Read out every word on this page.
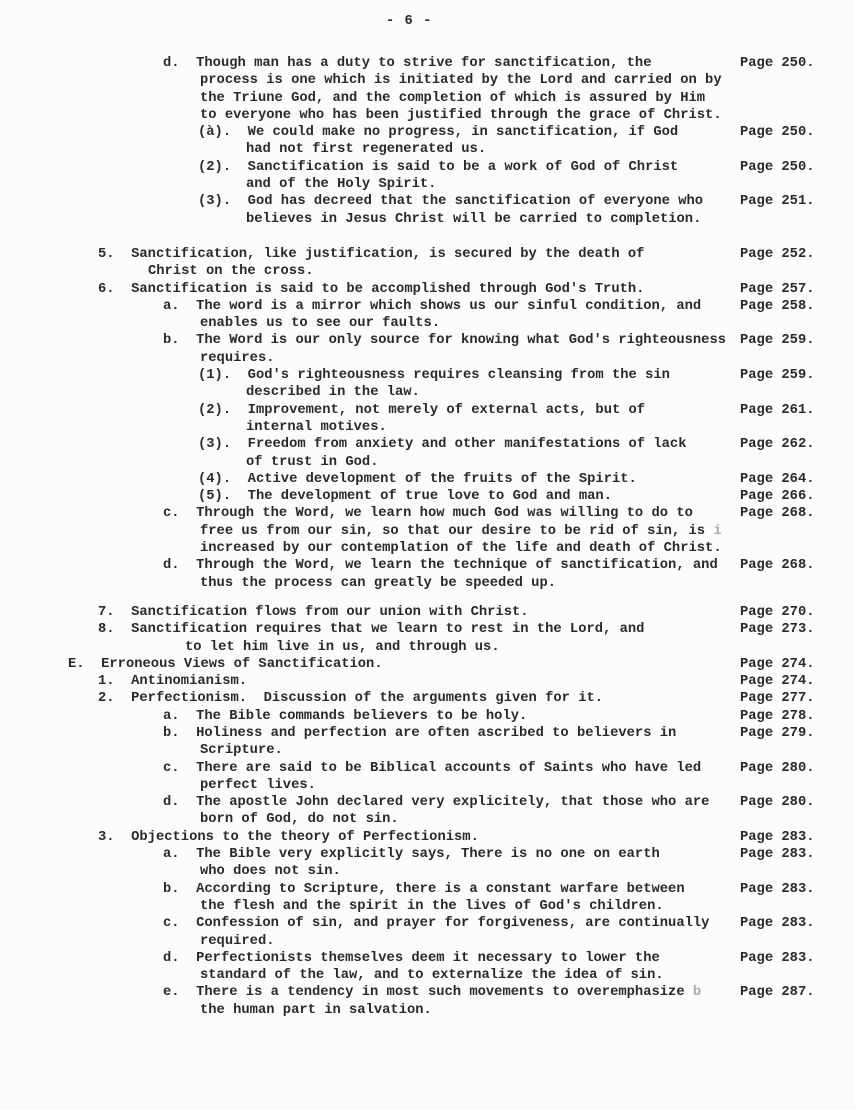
- 6 -
d.  Though man has a duty to strive for sanctification, the	Page 250.
process is one which is initiated by the Lord and carried on by
the Triune God, and the completion of which is assured by Him
to everyone who has been justified through the grace of Christ.
(à).  We could make no progress, in sanctification, if God	Page 250.
had not first regenerated us.
(2).  Sanctification is said to be a work of God of Christ	Page 250.
and of the Holy Spirit.
(3).  God has decreed that the sanctification of everyone who	Page 251.
believes in Jesus Christ will be carried to completion.
5.  Sanctification, like justification, is secured by the death of	Page 252.
Christ on the cross.
6.  Sanctification is said to be accomplished through God's Truth.	Page 257.
a.  The word is a mirror which shows us our sinful condition, and	Page 258.
enables us to see our faults.
b.  The Word is our only source for knowing what God's righteousness Page 259.
requires.
(1).  God's righteousness requires cleansing from the sin	Page 259.
described in the law.
(2).  Improvement, not merely of external acts, but of	Page 261.
internal motives.
(3).  Freedom from anxiety and other manifestations of lack	Page 262.
of trust in God.
(4).  Active development of the fruits of the Spirit.	Page 264.
(5).  The development of true love to God and man.	Page 266.
c.  Through the Word, we learn how much God was willing to do to	Page 268.
free us from our sin, so that our desire to be rid of sin, is i
increased by our contemplation of the life and death of Christ.
d.  Through the Word, we learn the technique of sanctification, and Page 268.
thus the process can greatly be speeded up.
7.  Sanctification flows from our union with Christ.	Page 270.
8.  Sanctification requires that we learn to rest in the Lord, and	Page 273.
to let him live in us, and through us.
E.  Erroneous Views of Sanctification.	Page 274.
1.  Antinomianism.	Page 274.
2.  Perfectionism.  Discussion of the arguments given for it.	Page 277.
a.  The Bible commands believers to be holy.	Page 278.
b.  Holiness and perfection are often ascribed to believers in	Page 279.
Scripture.
c.  There are said to be Biblical accounts of Saints who have led	Page 280.
perfect lives.
d.  The apostle John declared very explicitely, that those who are Page 280.
born of God, do not sin.
3.  Objections to the theory of Perfectionism.	Page 283.
a.  The Bible very explicitly says, There is no one on earth	Page 283.
who does not sin.
b.  According to Scripture, there is a constant warfare between	Page 283.
the flesh and the spirit in the lives of God's children.
c.  Confession of sin, and prayer for forgiveness, are continually Page 283.
required.
d.  Perfectionists themselves deem it necessary to lower the	Page 283.
standard of the law, and to externalize the idea of sin.
e.  There is a tendency in most such movements to overemphasize b	Page 287.
the human part in salvation.
